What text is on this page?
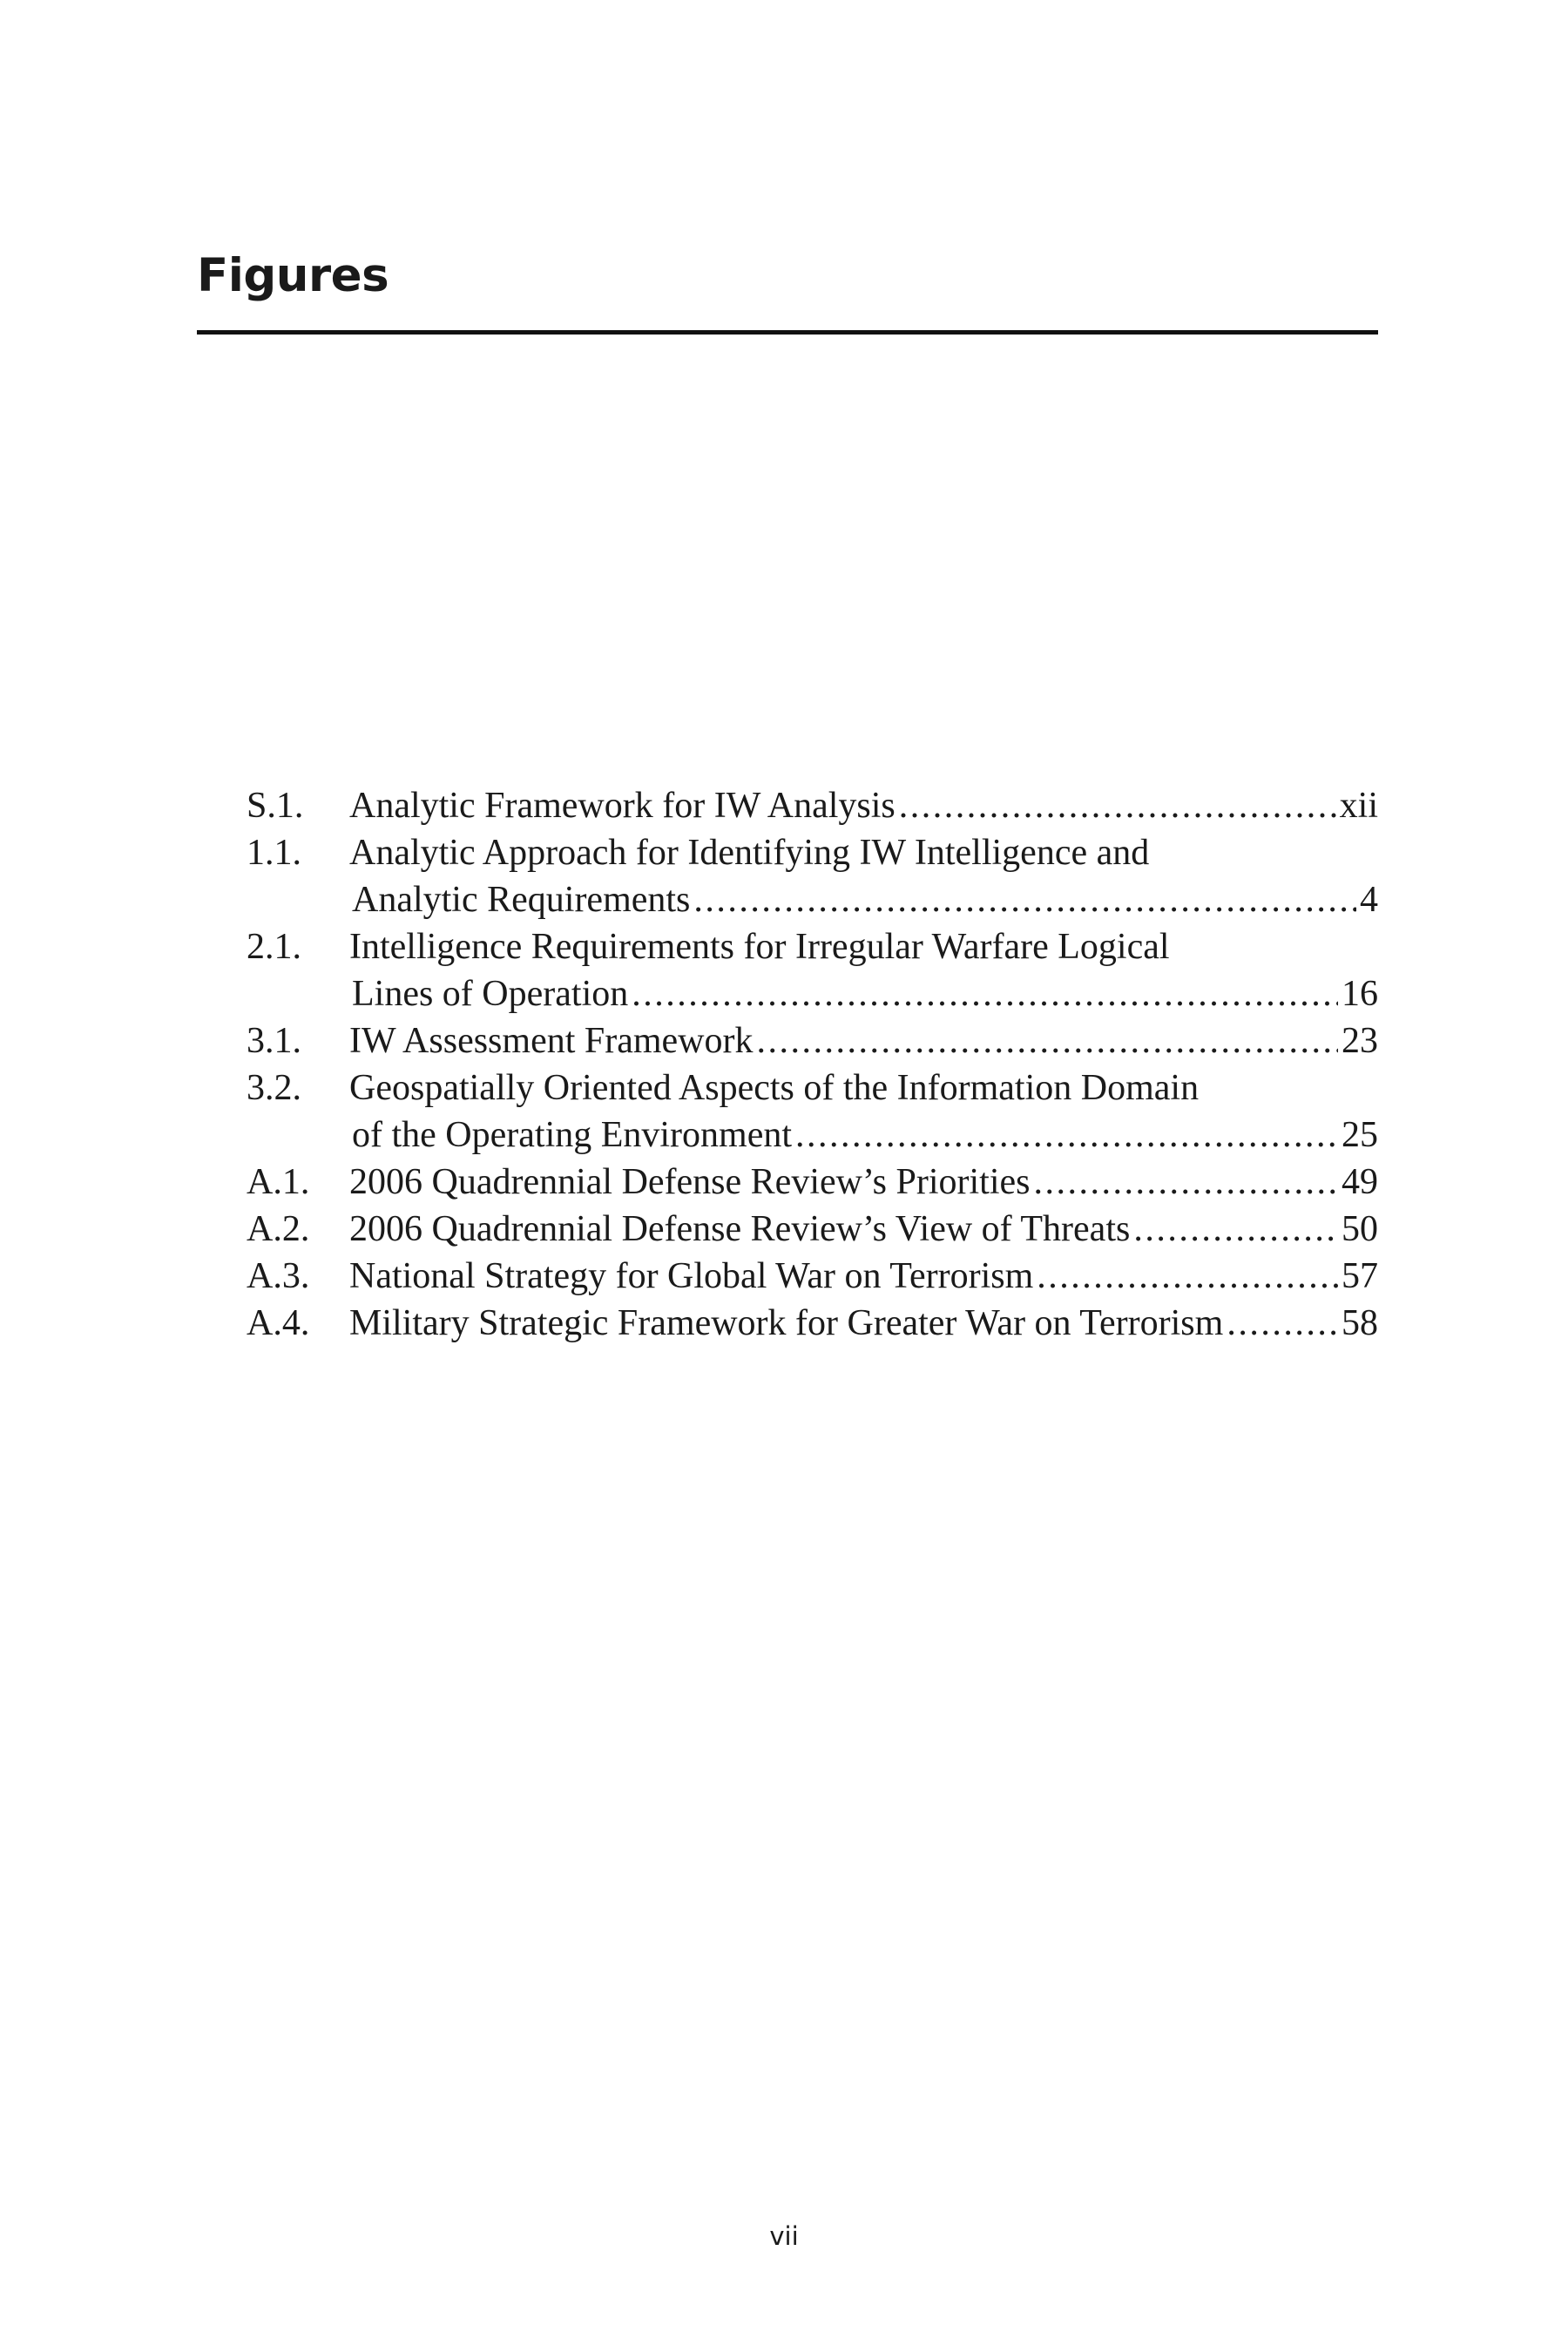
Figures
S.1. Analytic Framework for IW Analysis . . .	xii
1.1. Analytic Approach for Identifying IW Intelligence and
Analytic Requirements . . .	4
2.1. Intelligence Requirements for Irregular Warfare Logical
Lines of Operation . . .	16
3.1. IW Assessment Framework . . .	23
3.2. Geospatially Oriented Aspects of the Information Domain
of the Operating Environment . . .	25
A.1. 2006 Quadrennial Defense Review’s Priorities . . .	49
A.2. 2006 Quadrennial Defense Review’s View of Threats . . .	50
A.3. National Strategy for Global War on Terrorism . . .	57
A.4. Military Strategic Framework for Greater War on Terrorism . . .	58
vii
